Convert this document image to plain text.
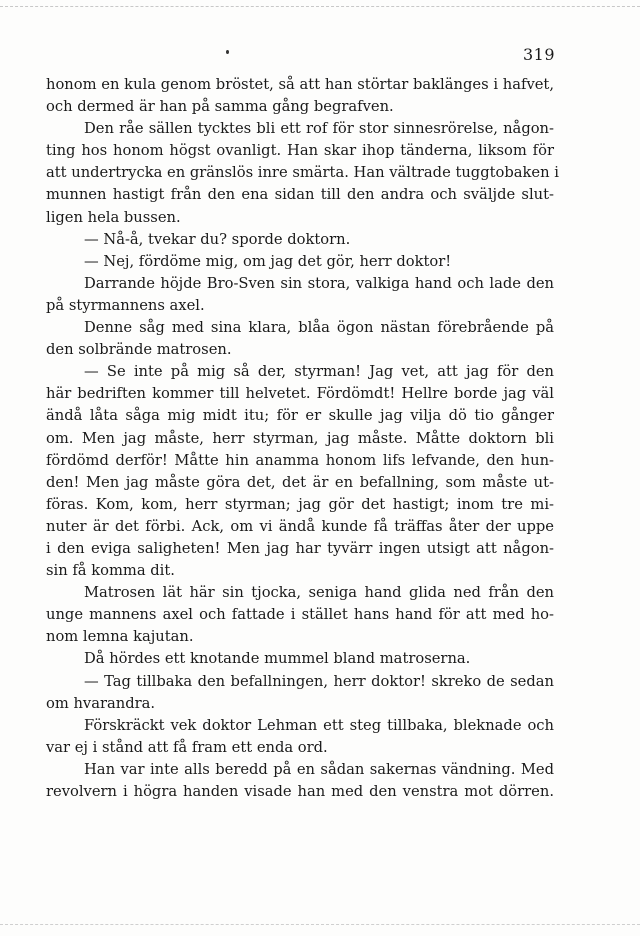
319
honom en kula genom bröstet, så att han störtar baklänges i hafvet,
och dermed är han på samma gång begrafven.
Den råe sällen tycktes bli ett rof för stor sinnesrörelse, någon-
ting hos honom högst ovanligt. Han skar ihop tänderna, liksom för
att undertrycka en gränslös inre smärta. Han vältrade tuggtobaken i
munnen hastigt från den ena sidan till den andra och sväljde slut-
ligen hela bussen.
— Nå-å, tvekar du? sporde doktorn.
— Nej, fördöme mig, om jag det gör, herr doktor!
Darrande höjde Bro-Sven sin stora, valkiga hand och lade den
på styrmannens axel.
Denne såg med sina klara, blåa ögon nästan förebrående på
den solbrände matrosen.
— Se inte på mig så der, styrman! Jag vet, att jag för den
här bedriften kommer till helvetet. Fördömdt! Hellre borde jag väl
ändå låta såga mig midt itu; för er skulle jag vilja dö tio gånger
om. Men jag måste, herr styrman, jag måste. Måtte doktorn bli
fördömd derför! Måtte hin anamma honom lifs lefvande, den hun-
den! Men jag måste göra det, det är en befallning, som måste ut-
föras. Kom, kom, herr styrman; jag gör det hastigt; inom tre mi-
nuter är det förbi. Ack, om vi ändå kunde få träffas åter der uppe
i den eviga saligheten! Men jag har tyvärr ingen utsigt att någon-
sin få komma dit.
Matrosen lät här sin tjocka, seniga hand glida ned från den
unge mannens axel och fattade i stället hans hand för att med ho-
nom lemna kajutan.
Då hördes ett knotande mummel bland matroserna.
— Tag tillbaka den befallningen, herr doktor! skreko de sedan
om hvarandra.
Förskräckt vek doktor Lehman ett steg tillbaka, bleknade och
var ej i stånd att få fram ett enda ord.
Han var inte alls beredd på en sådan sakernas vändning. Med
revolvern i högra handen visade han med den venstra mot dörren.
